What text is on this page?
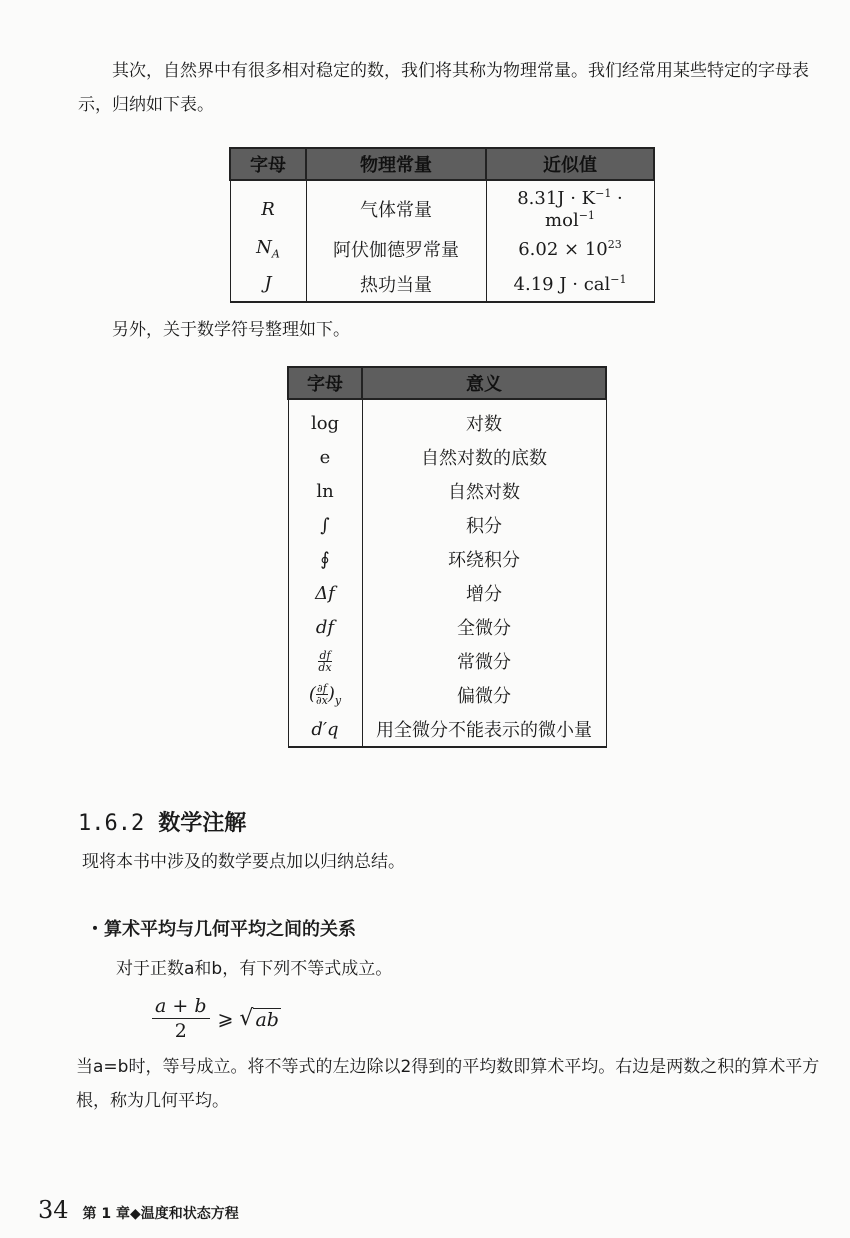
其次，自然界中有很多相对稳定的数，我们将其称为物理常量。我们经常用某些特定的字母表示，归纳如下表。

字母	物理常量	近似值

R	气体常量	$8.31J \cdot K^{-1} \cdot mol^{-1}$
$N_A$	阿伏伽德罗常量	$6.02 \times 10^{23}$
J	热功当量	4.19 J · cal$^{-1}$

另外，关于数学符号整理如下。

字母	意义

log	对数
e	自然对数的底数
ln	自然对数
∫	积分
∮	环绕积分
Δf	增分
df	全微分

$\frac{df}{dx}$	常微分
( $\frac{\partial f}{\partial x} )_y$	偏微分
d′q	用全微分不能表示的微小量
1.6.2 数学注解

现将本书中涉及的数学要点加以归纳总结。

・算术平均与几何平均之间的关系

对于正数a和b，有下列不等式成立。

$\frac{a + b}{2}$ ⩾ √ ab

当a=b时，等号成立。将不等式的左边除以2得到的平均数即算术平均。右边是两数之积的算术平方根，称为几何平均。

34 第 1 章◆温度和状态方程
